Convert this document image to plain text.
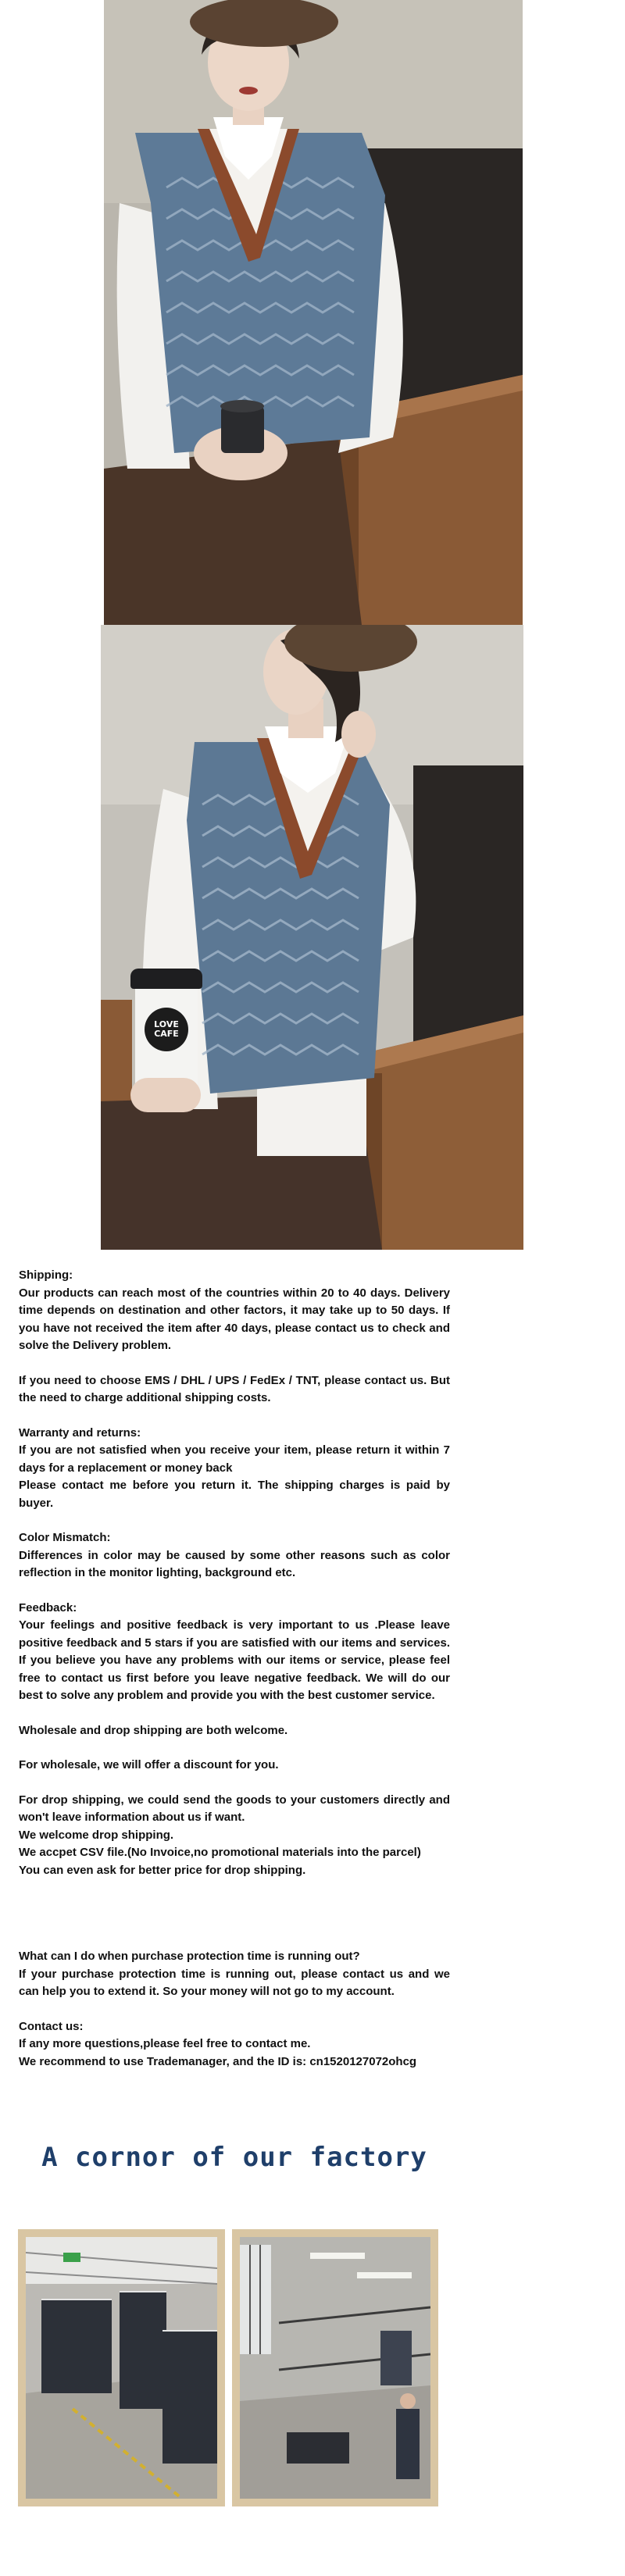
LOVE
CAFE

Shipping:

Our products can reach most of the countries within 20 to 40 days. Delivery time depends on destination and other factors, it may take up to 50 days. If you have not received the item after 40 days, please contact us to check and solve the Delivery problem.

If you need to choose EMS / DHL / UPS / FedEx / TNT, please contact us. But the need to charge additional shipping costs.

Warranty and returns:

If you are not satisfied when you receive your item, please return it within 7 days for a replacement or money back

Please contact me before you return it. The shipping charges is paid by buyer.

Color Mismatch:

Differences in color may be caused by some other reasons such as color reflection in the monitor lighting, background etc.

Feedback:

Your feelings and positive feedback is very important to us .Please leave positive feedback and 5 stars if you are satisfied with our items and services. If you believe you have any problems with our items or service, please feel free to contact us first before you leave negative feedback. We will do our best to solve any problem and provide you with the best customer service.

Wholesale and drop shipping are both welcome.

For wholesale, we will offer a discount for you.

For drop shipping, we could send the goods to your customers directly and won't leave information about us if want.

We welcome drop shipping.

We accpet CSV file.(No Invoice,no promotional materials into the parcel)

You can even ask for better price for drop shipping.

What can I do when purchase protection time is running out?

If your purchase protection time is running out, please contact us and we can help you to extend it. So your money will not go to my account.

Contact us:

If any more questions,please feel free to contact me.

We recommend to use Trademanager, and the ID is: cn1520127072ohcg

A cornor of our factory
